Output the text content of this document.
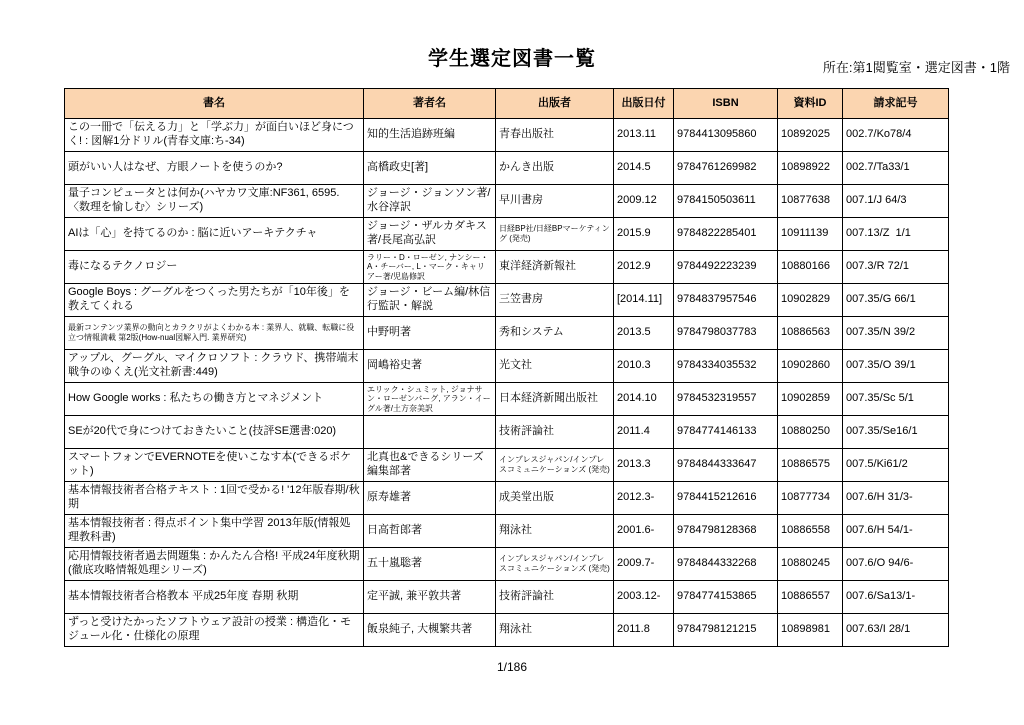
学生選定図書一覧	所在:第1閲覧室・選定図書・1階
書名	著者名	出版者	出版日付	ISBN	資料ID	請求記号
この一冊で「伝える力」と「学ぶ力」が面白いほど身につく! : 図解1分ドリル(青春文庫:ち-34)	知的生活追跡班編	青春出版社	2013.11	9784413095860	10892025	002.7/Ko78/4
頭がいい人はなぜ、方眼ノートを使うのか?	高橋政史[著]	かんき出版	2014.5	9784761269982	10898922	002.7/Ta33/1
量子コンピュータとは何か(ハヤカワ文庫:NF361, 6595.〈数理を愉しむ〉シリーズ)	ジョージ・ジョンソン著/水谷淳訳	早川書房	2009.12	9784150503611	10877638	007.1/J 64/3
AIは「心」を持てるのか : 脳に近いアーキテクチャ	ジョージ・ザルカダキス著/長尾高弘訳	日経BP社/日経BPマーケティング (発売)	2015.9	9784822285401	10911139	007.13/Z  1/1
毒になるテクノロジー	ラリー・D・ローゼン, ナンシー・A・チーバー, L・マーク・キャリアー著/児島修訳	東洋経済新報社	2012.9	9784492223239	10880166	007.3/R 72/1
Google Boys : グーグルをつくった男たちが「10年後」を教えてくれる	ジョージ・ビーム編/林信行監訳・解説	三笠書房	[2014.11]	9784837957546	10902829	007.35/G 66/1
最新コンテンツ業界の動向とカラクリがよくわかる本 : 業界人、就職、転職に役立つ情報満載 第2版(How-nual図解入門. 業界研究)	中野明著	秀和システム	2013.5	9784798037783	10886563	007.35/N 39/2
アップル、グーグル、マイクロソフト : クラウド、携帯端末戦争のゆくえ(光文社新書:449)	岡嶋裕史著	光文社	2010.3	9784334035532	10902860	007.35/O 39/1
How Google works : 私たちの働き方とマネジメント	エリック・シュミット, ジョナサン・ローゼンバーグ, アラン・イーグル著/土方奈美訳	日本経済新聞出版社	2014.10	9784532319557	10902859	007.35/Sc 5/1
SEが20代で身につけておきたいこと(技評SE選書:020)		技術評論社	2011.4	9784774146133	10880250	007.35/Se16/1
スマートフォンでEVERNOTEを使いこなす本(できるポケット)	北真也&できるシリーズ編集部著	インプレスジャパン/インプレスコミュニケーションズ (発売)	2013.3	9784844333647	10886575	007.5/Ki61/2
基本情報技術者合格テキスト : 1回で受かる! '12年版春期/秋期	原寿雄著	成美堂出版	2012.3-	9784415212616	10877734	007.6/H 31/3-
基本情報技術者 : 得点ポイント集中学習 2013年版(情報処理教科書)	日高哲郎著	翔泳社	2001.6-	9784798128368	10886558	007.6/H 54/1-
応用情報技術者過去問題集 : かんたん合格! 平成24年度秋期(徹底攻略情報処理シリーズ)	五十嵐聡著	インプレスジャパン/インプレスコミュニケーションズ (発売)	2009.7-	9784844332268	10880245	007.6/O 94/6-
基本情報技術者合格教本 平成25年度 春期 秋期	定平誠, 兼平敦共著	技術評論社	2003.12-	9784774153865	10886557	007.6/Sa13/1-
ずっと受けたかったソフトウェア設計の授業 : 構造化・モジュール化・仕様化の原理	飯泉純子, 大槻繁共著	翔泳社	2011.8	9784798121215	10898981	007.63/I 28/1
1/186
